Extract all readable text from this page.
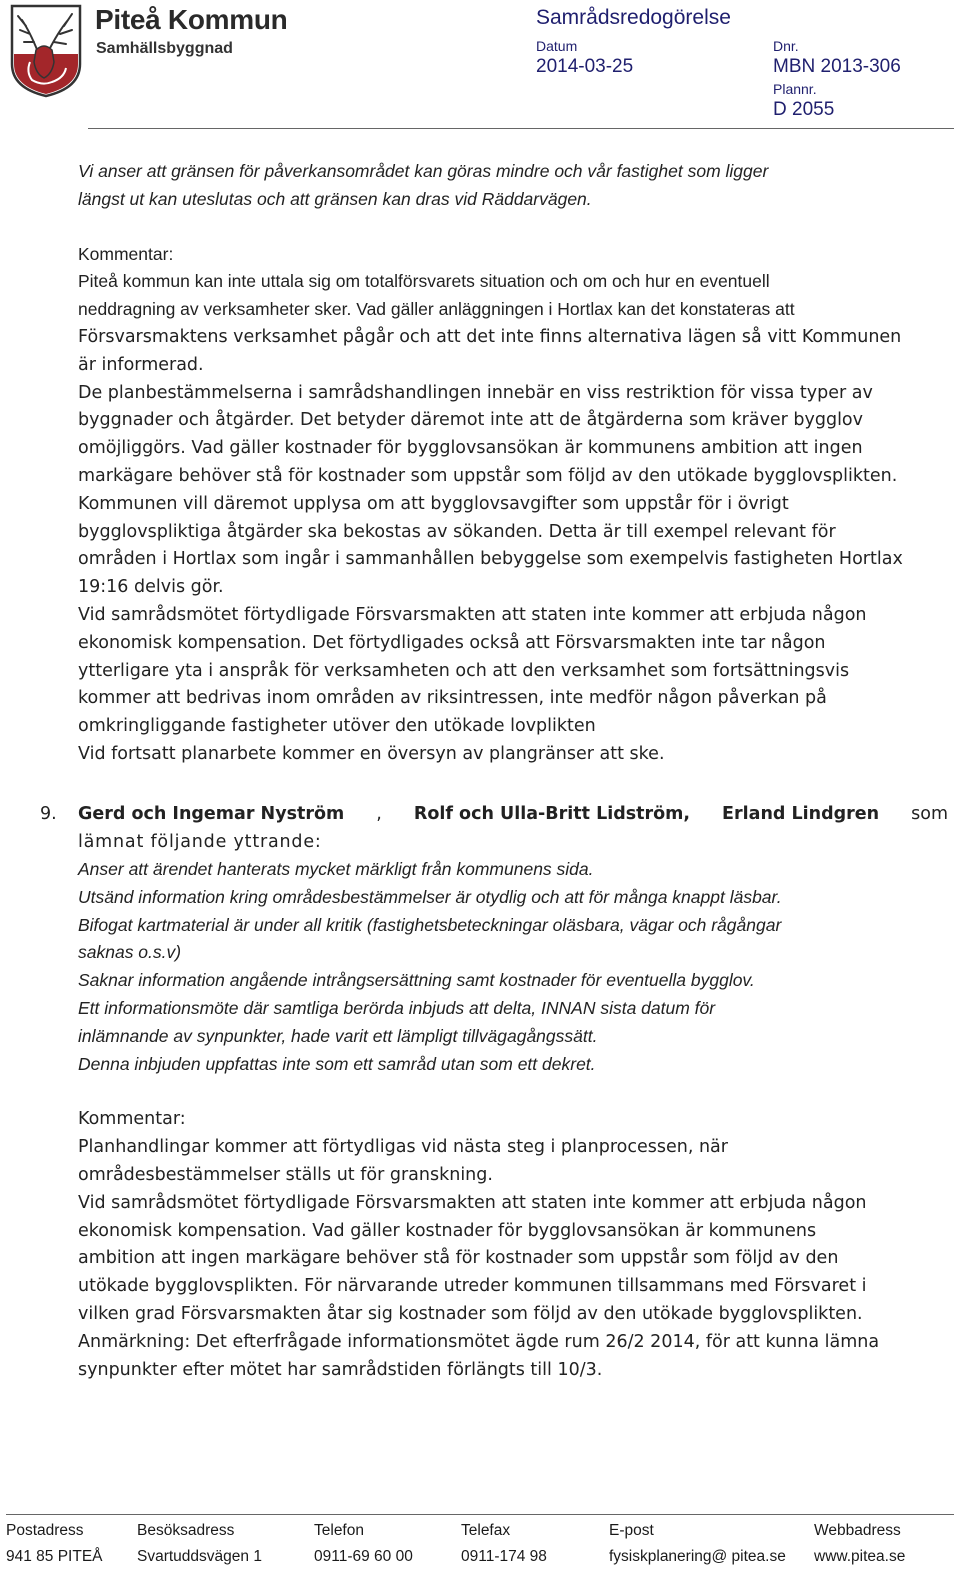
Piteå Kommun
Samhällsbyggnad
Samrådsredogörelse
Datum
2014-03-25
Dnr.
MBN 2013-306
Plannr.
D 2055

Vi anser att gränsen för påverkansområdet kan göras mindre och vår fastighet som ligger

längst ut kan uteslutas och att gränsen kan dras vid Räddarvägen.

Kommentar:

Piteå kommun kan inte uttala sig om totalförsvarets situation och om och hur en eventuell

neddragning av verksamheter sker. Vad gäller anläggningen i Hortlax kan det konstateras att

Försvarsmaktens verksamhet pågår och att det inte finns alternativa lägen så vitt Kommunen

är informerad.

De planbestämmelserna i samrådshandlingen innebär en viss restriktion för vissa typer av

byggnader och åtgärder. Det betyder däremot inte att de åtgärderna som kräver bygglov

omöjliggörs. Vad gäller kostnader för bygglovsansökan är kommunens ambition att ingen

markägare behöver stå för kostnader som uppstår som följd av den utökade bygglovsplikten.

Kommunen vill däremot upplysa om att bygglovsavgifter som uppstår för i övrigt

bygglovspliktiga åtgärder ska bekostas av sökanden. Detta är till exempel relevant för

områden i Hortlax som ingår i sammanhållen bebyggelse som exempelvis fastigheten Hortlax

19:16 delvis gör.

Vid samrådsmötet förtydligade Försvarsmakten att staten inte kommer att erbjuda någon

ekonomisk kompensation. Det förtydligades också att Försvarsmakten inte tar någon

ytterligare yta i anspråk för verksamheten och att den verksamhet som fortsättningsvis

kommer att bedrivas inom områden av riksintressen, inte medför någon påverkan på

omkringliggande fastigheter utöver den utökade lovplikten

Vid fortsatt planarbete kommer en översyn av plangränser att ske.

9. Gerd och Ingemar Nyström , Rolf och Ulla-Britt Lidström, Erland Lindgren som
lämnat följande yttrande:

Anser att ärendet hanterats mycket märkligt från kommunens sida.

Utsänd information kring områdesbestämmelser är otydlig och att för många knappt läsbar.

Bifogat kartmaterial är under all kritik (fastighetsbeteckningar oläsbara, vägar och rågångar

saknas o.s.v)

Saknar information angående intrångsersättning samt kostnader för eventuella bygglov.

Ett informationsmöte där samtliga berörda inbjuds att delta, INNAN sista datum för

inlämnande av synpunkter, hade varit ett lämpligt tillvägagångssätt.

Denna inbjuden uppfattas inte som ett samråd utan som ett dekret.

Kommentar:

Planhandlingar kommer att förtydligas vid nästa steg i planprocessen, när

områdesbestämmelser ställs ut för granskning.

Vid samrådsmötet förtydligade Försvarsmakten att staten inte kommer att erbjuda någon

ekonomisk kompensation. Vad gäller kostnader för bygglovsansökan är kommunens

ambition att ingen markägare behöver stå för kostnader som uppstår som följd av den

utökade bygglovsplikten. För närvarande utreder kommunen tillsammans med Försvaret i

vilken grad Försvarsmakten åtar sig kostnader som följd av den utökade bygglovsplikten.

Anmärkning: Det efterfrågade informationsmötet ägde rum 26/2 2014, för att kunna lämna

synpunkter efter mötet har samrådstiden förlängts till 10/3.

Postadress
941 85 PITEÅ
Besöksadress
Svartuddsvägen 1
Telefon
0911-69 60 00
Telefax
0911-174 98
E-post
fysiskplanering@ pitea.se
Webbadress
www.pitea.se
